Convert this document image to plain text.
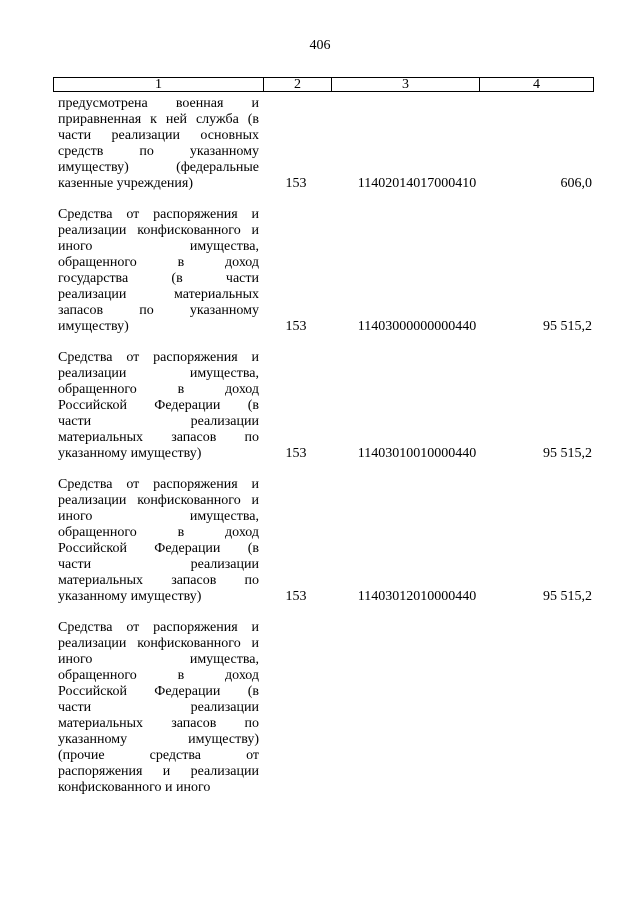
406
1	2	3	4
предусмотрена военная и
приравненная к ней служба (в
части реализации основных
средств по указанному
имуществу) (федеральные
казенные учреждения)	153	11402014017000410	606,0
Средства от распоряжения и
реализации конфискованного и
иного имущества,
обращенного в доход
государства (в части
реализации материальных
запасов по указанному
имуществу)	153	11403000000000440	95 515,2
Средства от распоряжения и
реализации имущества,
обращенного в доход
Российской Федерации (в
части реализации
материальных запасов по
указанному имуществу)	153	11403010010000440	95 515,2
Средства от распоряжения и
реализации конфискованного и
иного имущества,
обращенного в доход
Российской Федерации (в
части реализации
материальных запасов по
указанному имуществу)	153	11403012010000440	95 515,2
Средства от распоряжения и
реализации конфискованного и
иного имущества,
обращенного в доход
Российской Федерации (в
части реализации
материальных запасов по
указанному имуществу)
(прочие средства от
распоряжения и реализации
конфискованного и иного
